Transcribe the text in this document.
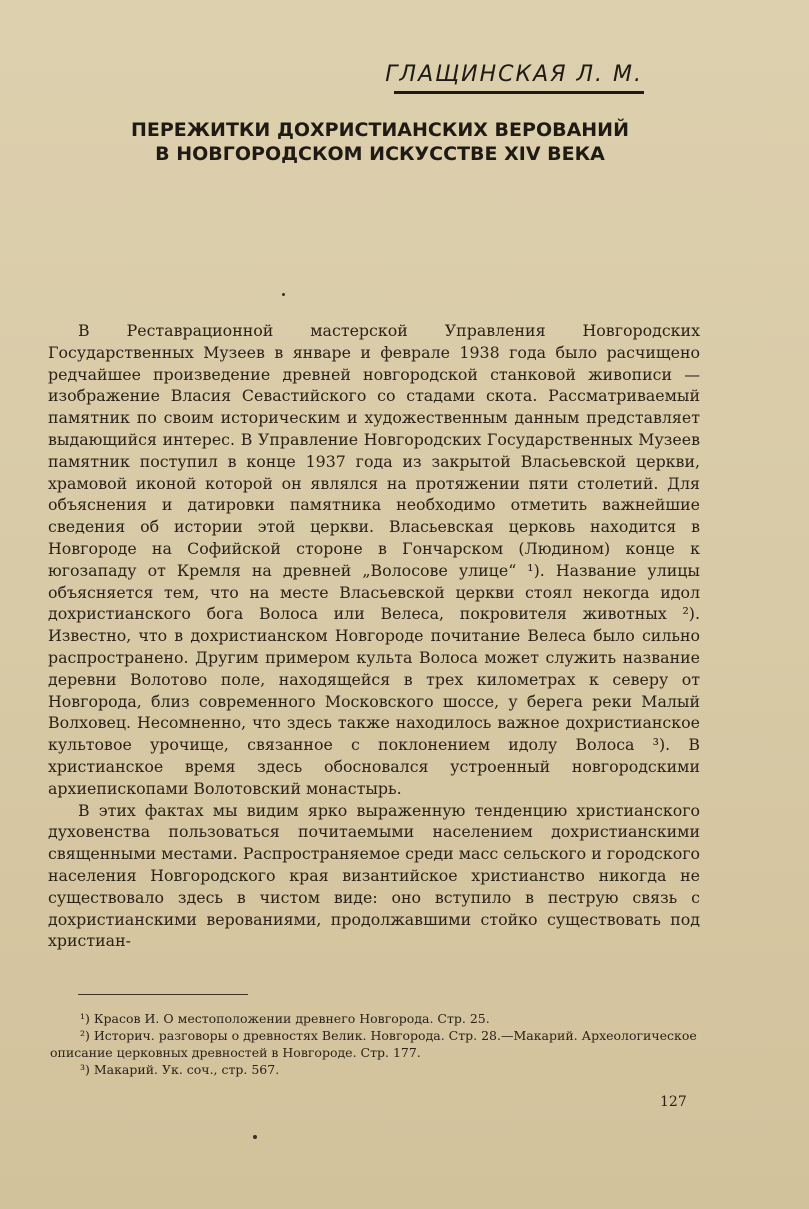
ГЛАЩИНСКАЯ Л. М.
ПЕРЕЖИТКИ ДОХРИСТИАНСКИХ ВЕРОВАНИЙ
В НОВГОРОДСКОМ ИСКУССТВЕ XIV ВЕКА

В Реставрационной мастерской Управления Новгородских Государственных Музеев в январе и феврале 1938 года было расчищено редчайшее произведение древней новгородской станковой живописи — изображение Власия Севастийского со стадами скота. Рассматриваемый памятник по своим историческим и художественным данным представляет выдающийся интерес. В Управление Новгородских Государственных Музеев памятник поступил в конце 1937 года из закрытой Власьевской церкви, храмовой иконой которой он являлся на протяжении пяти столетий. Для объяснения и датировки памятника необходимо отметить важнейшие сведения об истории этой церкви. Власьевская церковь находится в Новгороде на Софийской стороне в Гончарском (Людином) конце к югозападу от Кремля на древней „Волосове улице“ ¹). Название улицы объясняется тем, что на месте Власьевской церкви стоял некогда идол дохристианского бога Волоса или Велеса, покровителя животных ²). Известно, что в дохристианском Новгороде почитание Велеса было сильно распространено. Другим примером культа Волоса может служить название деревни Волотово поле, находящейся в трех километрах к северу от Новгорода, близ современного Московского шоссе, у берега реки Малый Волховец. Несомненно, что здесь также находилось важное дохристианское культовое урочище, связанное с поклонением идолу Волоса ³). В христианское время здесь обосновался устроенный новгородскими архиепископами Волотовский монастырь.

В этих фактах мы видим ярко выраженную тенденцию христианского духовенства пользоваться почитаемыми населением дохристианскими священными местами. Распространяемое среди масс сельского и городского населения Новгородского края византийское христианство никогда не существовало здесь в чистом виде: оно вступило в пеструю связь с дохристианскими верованиями, продолжавшими стойко существовать под христиан-

¹) Красов И. О местоположении древнего Новгорода. Стр. 25.

²) Историч. разговоры о древностях Велик. Новгорода. Стр. 28.—Макарий. Археологическое описание церковных древностей в Новгороде. Стр. 177.

³) Макарий. Ук. соч., стр. 567.

127
